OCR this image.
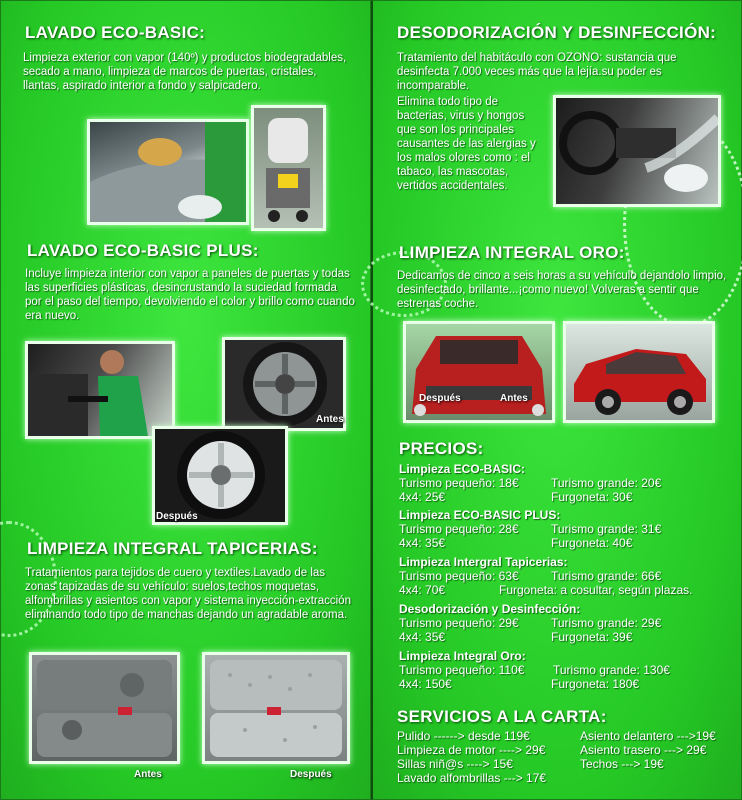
LAVADO ECO-BASIC:

Limpieza exterior con vapor (140º) y productos biodegradables, secado a mano, limpieza de marcos de puertas, cristales, llantas, aspirado interior a fondo y salpicadero.

LAVADO ECO-BASIC PLUS:

Incluye limpieza interior con vapor a paneles de puertas y todas las superficies plásticas, desincrustando la suciedad formada por el paso del tiempo, devolviendo el color y brillo como cuando era nuevo.

Antes
Después
LIMPIEZA INTEGRAL TAPICERIAS:

Tratamientos para tejidos de cuero y textiles.Lavado de las zonas tapizadas de su vehículo: suelos,techos moquetas, alfombrillas y asientos con vapor y sistema inyección-extracción eliminando todo tipo de manchas dejando un agradable aroma.

Antes	Después
DESODORIZACIÓN Y DESINFECCIÓN:

Tratamiento del habitáculo con OZONO: sustancia que desinfecta 7.000 veces más que la lejía.su poder es incomparable.

Elimina todo tipo de bacterias, virus y hongos que son los principales causantes de las alergias y los malos olores como : el tabaco, las mascotas, vertidos accidentales.

LIMPIEZA INTEGRAL ORO:

Dedicamos de cinco a seis horas a su vehículo dejandolo limpio, desinfectado, brillante...¡como nuevo! Volveras a sentir que estrenas coche.

Después	Antes
PRECIOS:

Limpieza ECO-BASIC:

Turismo pequeño: 18€	Turismo grande: 20€

4x4: 25€	Furgoneta: 30€

Limpieza ECO-BASIC PLUS:

Turismo pequeño: 28€	Turismo grande: 31€

4x4: 35€	Furgoneta: 40€

Limpieza Intergral Tapicerias:

Turismo pequeño: 63€	Turismo grande: 66€

4x4: 70€	Furgoneta: a cosultar, según plazas.

Desodorización y Desinfección:

Turismo pequeño: 29€	Turismo grande: 29€

4x4: 35€	Furgoneta: 39€

Limpieza Integral Oro:

Turismo pequeño: 110€ Turismo grande: 130€

4x4: 150€	Furgoneta: 180€

SERVICIOS A LA CARTA:

Pulido ------> desde 119€

Limpieza de motor ----> 29€

Sillas niñ@s ----> 15€

Lavado alfombrillas ---> 17€

Asiento delantero --->19€

Asiento trasero ---> 29€

Techos ---> 19€
